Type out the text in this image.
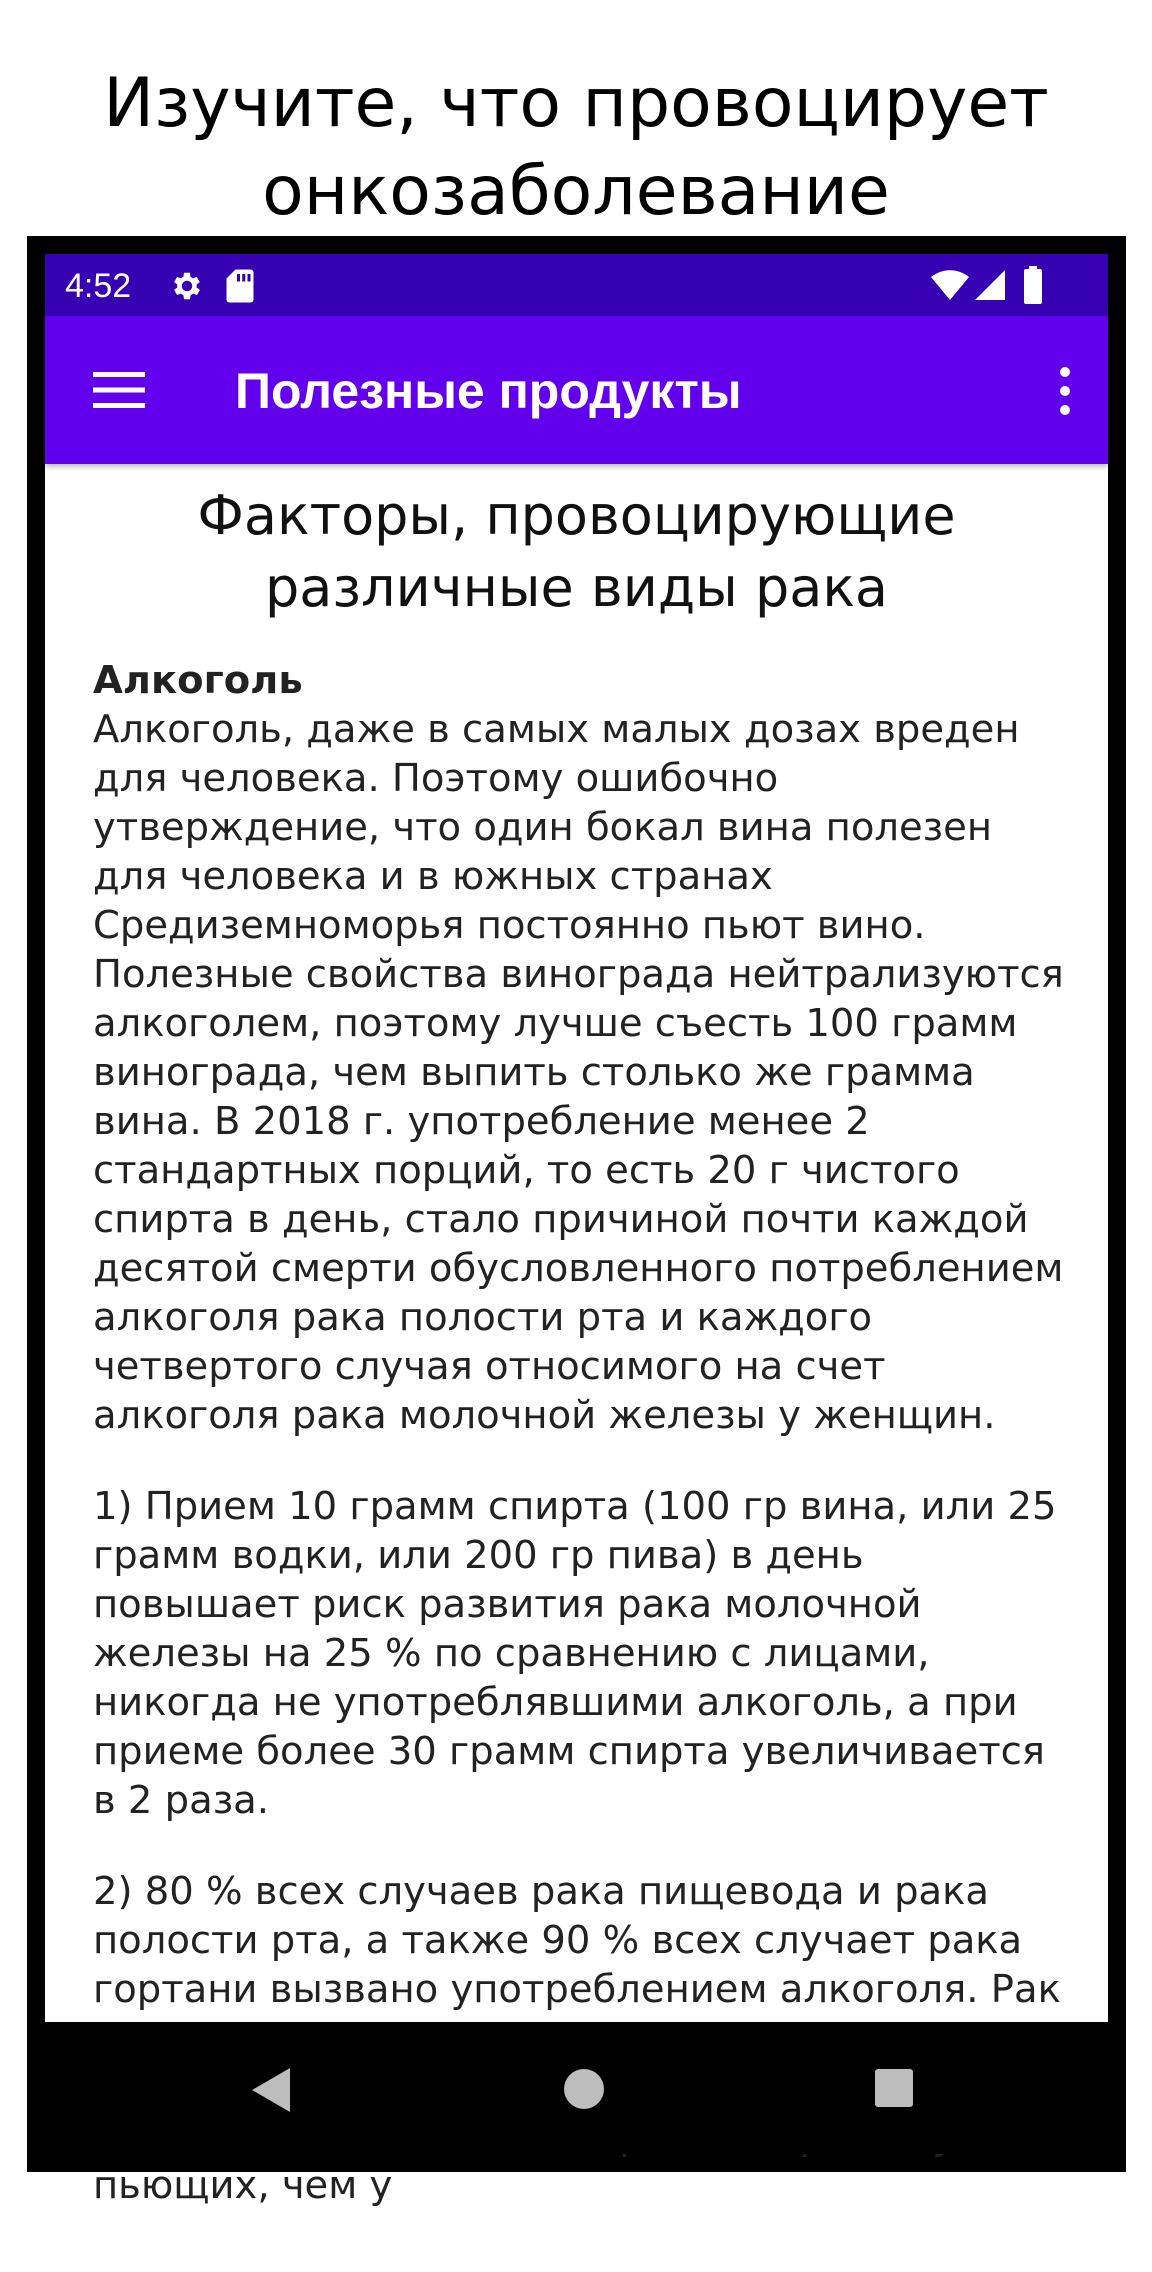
Изучите, что провоцирует
онкозаболевание
4:52
Полезные продукты
Факторы, провоцирующие
различные виды рака
Алкоголь

Алкоголь, даже в самых малых дозах вреден для человека. Поэтому ошибочно утверждение, что один бокал вина полезен для человека и в южных странах Средиземноморья постоянно пьют вино. Полезные свойства винограда нейтрализуются алкоголем, поэтому лучше съесть 100 грамм винограда, чем выпить столько же грамма вина. В 2018 г. употребление менее 2 стандартных порций, то есть 20 г чистого спирта в день, стало причиной почти каждой десятой смерти обусловленного потреблением алкоголя рака полости рта и каждого четвертого случая относимого на счет алкоголя рака молочной железы у женщин.

1) Прием 10 грамм спирта (100 гр вина, или 25 грамм водки, или 200 гр пива) в день повышает риск развития рака молочной железы на 25 % по сравнению с лицами, никогда не употреблявшими алкоголь, а при приеме более 30 грамм спирта увеличивается в 2 раза.

2) 80 % всех случаев рака пищевода и рака полости рта, а также 90 % всех случает рака гортани вызвано употреблением алкоголя. Рак пьющих, чем у
